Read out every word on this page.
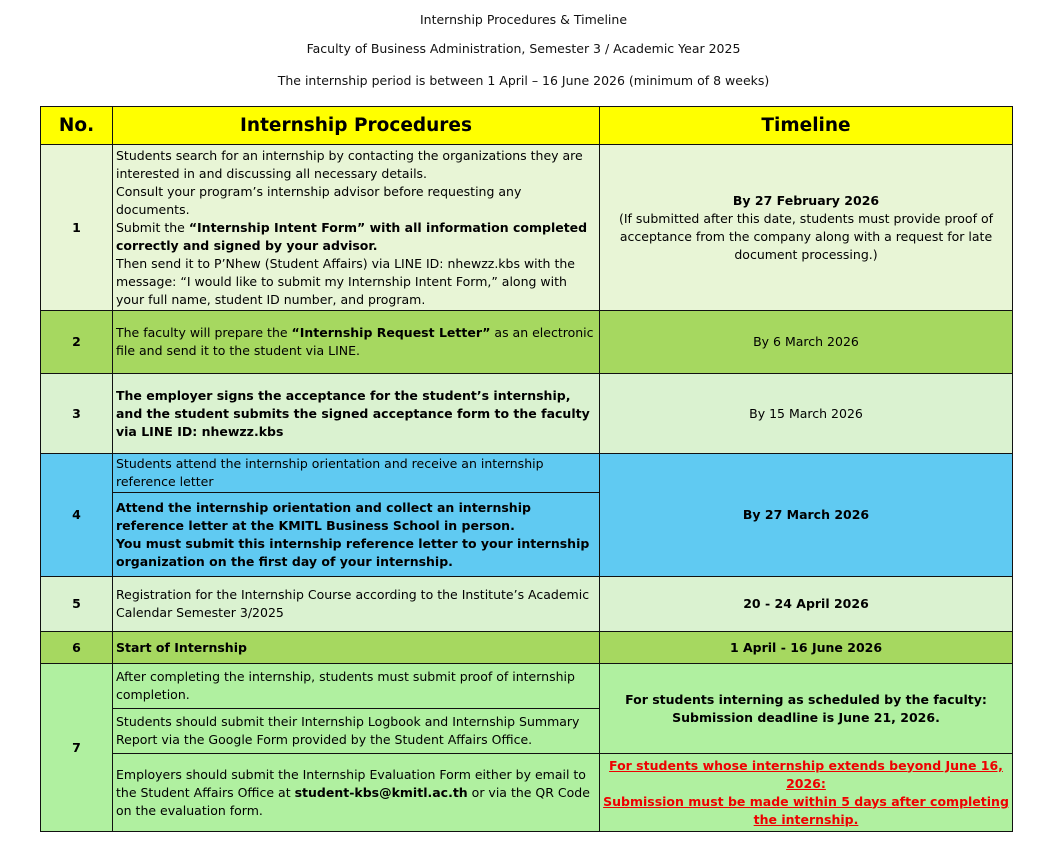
Internship Procedures & Timeline
Faculty of Business Administration, Semester 3 / Academic Year 2025
The internship period is between 1 April – 16 June 2026 (minimum of 8 weeks)
No.	Internship Procedures	Timeline
1	Students search for an internship by contacting the organizations they are interested in and discussing all necessary details.
Consult your program’s internship advisor before requesting any documents.
Submit the “Internship Intent Form” with all information completed correctly and signed by your advisor.
Then send it to P’Nhew (Student Affairs) via LINE ID: nhewzz.kbs with the message: “I would like to submit my Internship Intent Form,” along with your full name, student ID number, and program.	By 27 February 2026
(If submitted after this date, students must provide proof of acceptance from the company along with a request for late document processing.)

2	The faculty will prepare the “Internship Request Letter” as an electronic file and send it to the student via LINE.	By 6 March 2026
3	The employer signs the acceptance for the student’s internship, and the student submits the signed acceptance form to the faculty via LINE ID: nhewzz.kbs	By 15 March 2026
4	Students attend the internship orientation and receive an internship reference letter	By 27 March 2026

	Attend the internship orientation and collect an internship reference letter at the KMITL Business School in person.
You must submit this internship reference letter to your internship organization on the first day of your internship.	

5	Registration for the Internship Course according to the Institute’s Academic Calendar Semester 3/2025	20 - 24 April 2026
6	Start of Internship	1 April - 16 June 2026
7	After completing the internship, students must submit proof of internship completion.	For students interning as scheduled by the faculty:
Submission deadline is June 21, 2026.

	Students should submit their Internship Logbook and Internship Summary Report via the Google Form provided by the Student Affairs Office.	
	Employers should submit the Internship Evaluation Form either by email to the Student Affairs Office at student-kbs@kmitl.ac.th or via the QR Code on the evaluation form.	For students whose internship extends beyond June 16, 2026:
Submission must be made within 5 days after completing the internship.
